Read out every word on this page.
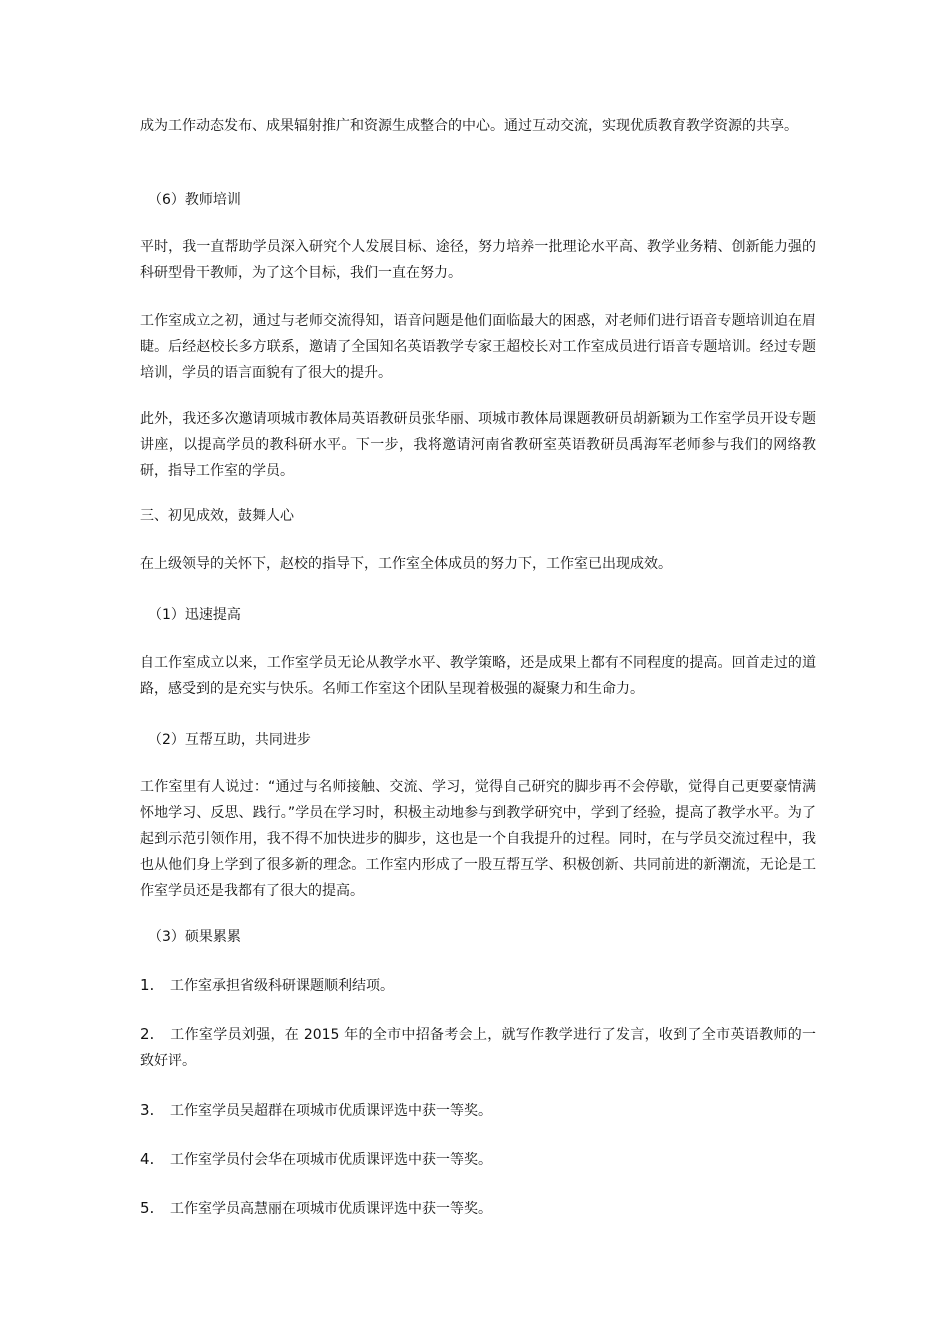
成为工作动态发布、成果辐射推广和资源生成整合的中心。通过互动交流，实现优质教育教学资源的共享。

（6）教师培训

平时，我一直帮助学员深入研究个人发展目标、途径，努力培养一批理论水平高、教学业务精、创新能力强的科研型骨干教师，为了这个目标，我们一直在努力。

工作室成立之初，通过与老师交流得知，语音问题是他们面临最大的困惑，对老师们进行语音专题培训迫在眉睫。后经赵校长多方联系，邀请了全国知名英语教学专家王超校长对工作室成员进行语音专题培训。经过专题培训，学员的语言面貌有了很大的提升。

此外，我还多次邀请项城市教体局英语教研员张华丽、项城市教体局课题教研员胡新颖为工作室学员开设专题讲座，以提高学员的教科研水平。下一步，我将邀请河南省教研室英语教研员禹海军老师参与我们的网络教研，指导工作室的学员。

三、初见成效，鼓舞人心

在上级领导的关怀下，赵校的指导下，工作室全体成员的努力下，工作室已出现成效。

（1）迅速提高

自工作室成立以来，工作室学员无论从教学水平、教学策略，还是成果上都有不同程度的提高。回首走过的道路，感受到的是充实与快乐。名师工作室这个团队呈现着极强的凝聚力和生命力。

（2）互帮互助，共同进步

工作室里有人说过：“通过与名师接触、交流、学习，觉得自己研究的脚步再不会停歇，觉得自己更要豪情满怀地学习、反思、践行。”学员在学习时，积极主动地参与到教学研究中，学到了经验，提高了教学水平。为了起到示范引领作用，我不得不加快进步的脚步，这也是一个自我提升的过程。同时，在与学员交流过程中，我也从他们身上学到了很多新的理念。工作室内形成了一股互帮互学、积极创新、共同前进的新潮流，无论是工作室学员还是我都有了很大的提高。

（3）硕果累累

1. 工作室承担省级科研课题顺利结项。
2. 工作室学员刘强，在 2015 年的全市中招备考会上，就写作教学进行了发言，收到了全市英语教师的一致好评。
3. 工作室学员吴超群在项城市优质课评选中获一等奖。
4. 工作室学员付会华在项城市优质课评选中获一等奖。
5. 工作室学员高慧丽在项城市优质课评选中获一等奖。
